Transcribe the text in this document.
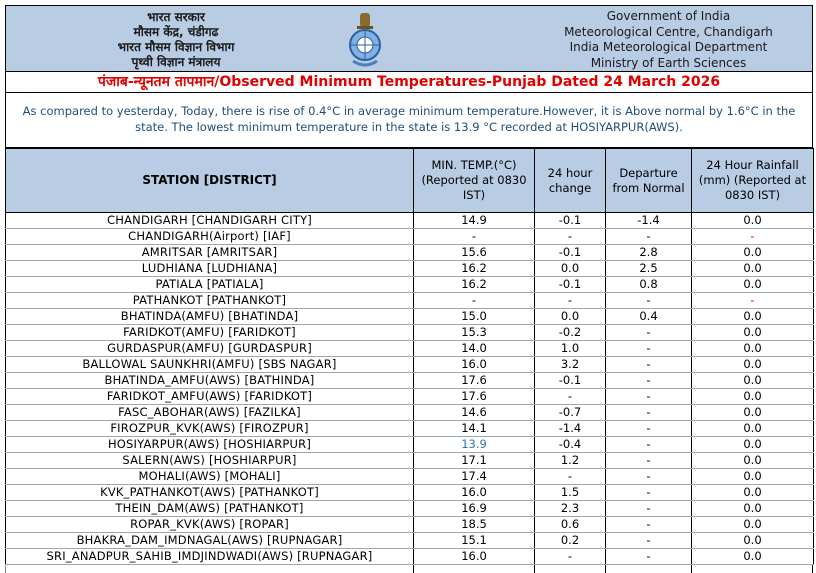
भारत सरकार
मौसम केंद्र, चंडीगढ
भारत मौसम विज्ञान विभाग
पृथ्वी विज्ञान मंत्रालय
Government of India
Meteorological Centre, Chandigarh
India Meteorological Department
Ministry of Earth Sciences
पंजाब-न्यूनतम तापमान/Observed Minimum Temperatures-Punjab Dated 24 March 2026
As compared to yesterday, Today, there is rise of 0.4°C in average minimum temperature.However, it is Above normal by 1.6°C in the state. The lowest minimum temperature in the state is 13.9 °C recorded at HOSIYARPUR(AWS).
STATION [DISTRICT]	MIN. TEMP.(°C) (Reported at 0830 IST)	24 hour change	Departure from Normal	24 Hour Rainfall (mm) (Reported at 0830 IST)
CHANDIGARH [CHANDIGARH CITY]	14.9	-0.1	-1.4	0.0
CHANDIGARH(Airport) [IAF]	-	-	-	-
AMRITSAR [AMRITSAR]	15.6	-0.1	2.8	0.0
LUDHIANA [LUDHIANA]	16.2	0.0	2.5	0.0
PATIALA [PATIALA]	16.2	-0.1	0.8	0.0
PATHANKOT [PATHANKOT]	-	-	-	-
BHATINDA(AMFU) [BHATINDA]	15.0	0.0	0.4	0.0
FARIDKOT(AMFU) [FARIDKOT]	15.3	-0.2	-	0.0
GURDASPUR(AMFU) [GURDASPUR]	14.0	1.0	-	0.0
BALLOWAL SAUNKHRI(AMFU) [SBS NAGAR]	16.0	3.2	-	0.0
BHATINDA_AMFU(AWS) [BATHINDA]	17.6	-0.1	-	0.0
FARIDKOT_AMFU(AWS) [FARIDKOT]	17.6	-	-	0.0
FASC_ABOHAR(AWS) [FAZILKA]	14.6	-0.7	-	0.0
FIROZPUR_KVK(AWS) [FIROZPUR]	14.1	-1.4	-	0.0
HOSIYARPUR(AWS) [HOSHIARPUR]	13.9	-0.4	-	0.0
SALERN(AWS) [HOSHIARPUR]	17.1	1.2	-	0.0
MOHALI(AWS) [MOHALI]	17.4	-	-	0.0
KVK_PATHANKOT(AWS) [PATHANKOT]	16.0	1.5	-	0.0
THEIN_DAM(AWS) [PATHANKOT]	16.9	2.3	-	0.0
ROPAR_KVK(AWS) [ROPAR]	18.5	0.6	-	0.0
BHAKRA_DAM_IMDNAGAL(AWS) [RUPNAGAR]	15.1	0.2	-	0.0
SRI_ANADPUR_SAHIB_IMDJINDWADI(AWS) [RUPNAGAR]	16.0	-	-	0.0
